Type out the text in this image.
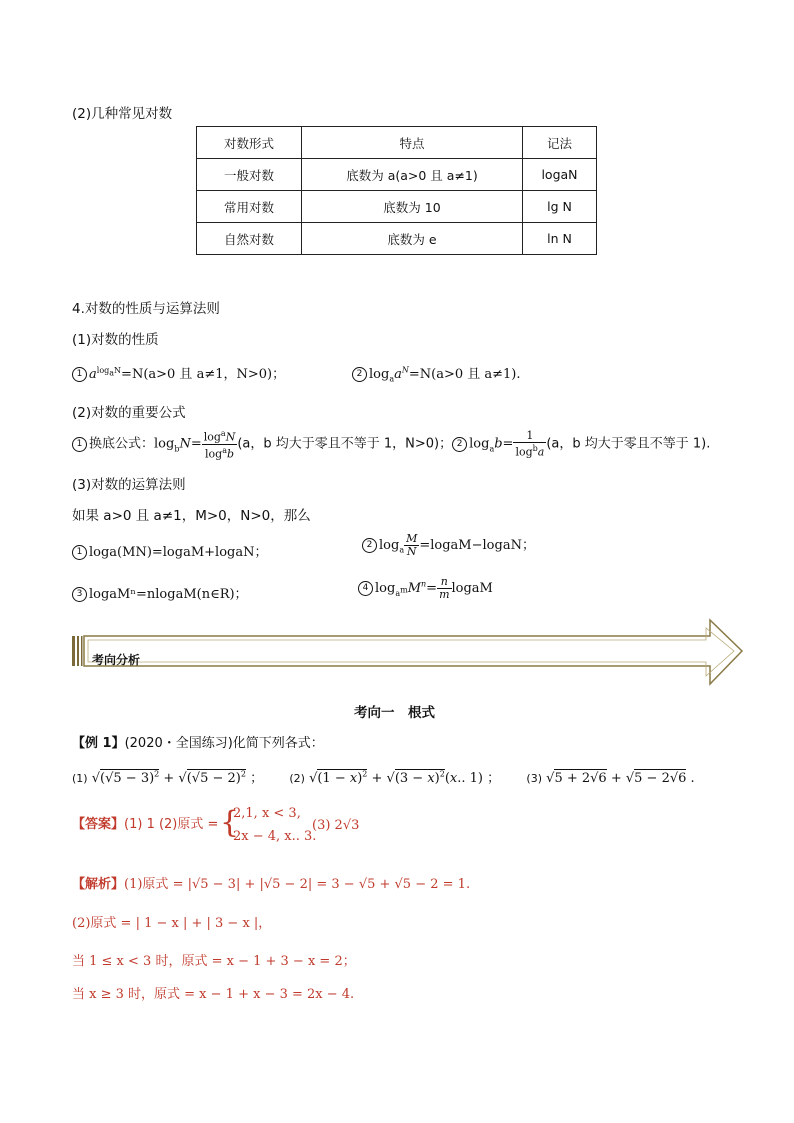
(2)几种常见对数
对数形式	特点	记法
一般对数	底数为 a(a>0 且 a≠1)	logaN
常用对数	底数为 10	lg N
自然对数	底数为 e	ln N
4.对数的性质与运算法则
(1)对数的性质
1 $a^{log_aN}=N(a>0$ 且 a≠1，N>0)；	2 $\log_aa^N=N(a>0$ 且 a≠1).
(2)对数的重要公式
1 换底公式：$\log_bN= \frac{\log^aN}{\log^ab} (a$，b 均大于零且不等于 1，N>0)； 2 $\log_ab= \frac{1}{\log^ba} (a$，b 均大于零且不等于 1).
(3)对数的运算法则
如果 a>0 且 a≠1，M>0，N>0，那么
1 loga(MN)=logaM+logaN；	2 $\log_a \frac{M}{N}$ =logaM−logaN；
3 logaMⁿ=nlogaM(n∈R)；	4 $\log_{a^m}M^n= \frac{n}{m}$ logaM
考向一　根式
【例 1】(2020・全国练习)化简下列各式：
(1) $√(√5 - 3)^2 + √(√5 - 2)^2$ ；  (2) $√(1 - x)^2 + √(3 - x)^2(x$.. 1) ；  (3) √5 + 2√6 + √5 − 2√6 .
【答案】(1) 1 (2)原式 = {
2,1, x < 3,
2x − 4, x.. 3.
(3) 2√3
【解析】(1)原式 = |√5 − 3| + |√5 − 2| = 3 − √5 + √5 − 2 = 1.
(2)原式 = | 1 − x | + | 3 − x |，
当 1 ≤ x < 3 时，原式 = x − 1 + 3 − x = 2；
当 x ≥ 3 时，原式 = x − 1 + x − 3 = 2x − 4.
